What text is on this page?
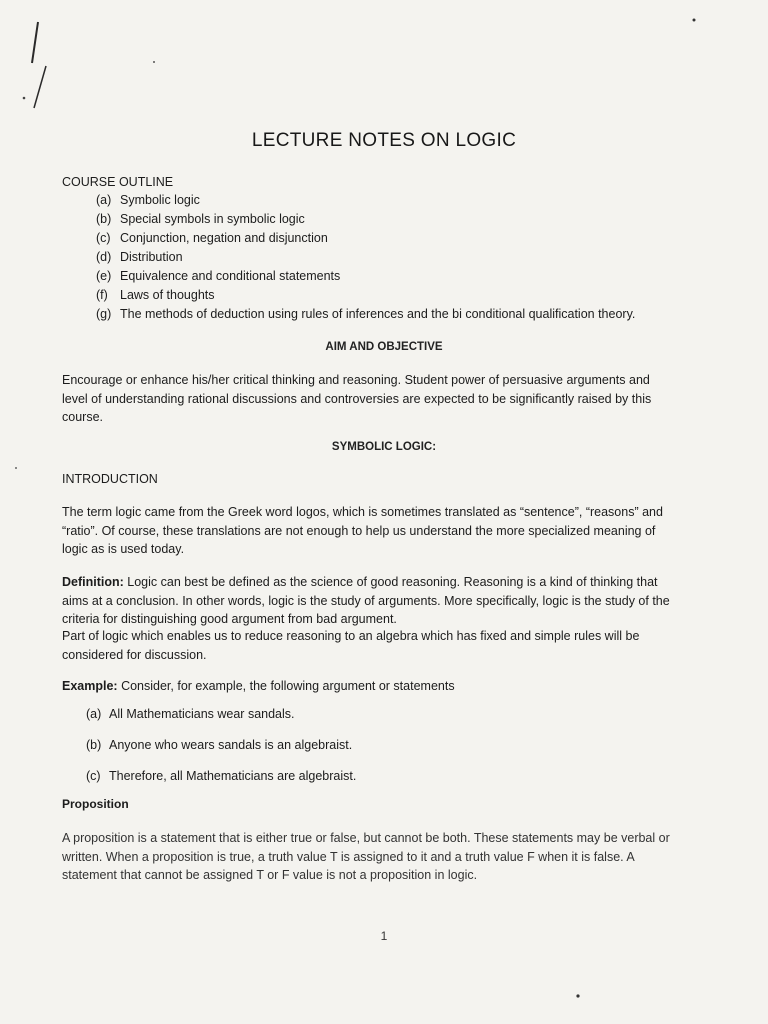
LECTURE NOTES ON LOGIC
COURSE OUTLINE
(a) Symbolic logic
(b) Special symbols in symbolic logic
(c) Conjunction, negation and disjunction
(d) Distribution
(e) Equivalence and conditional statements
(f) Laws of thoughts
(g) The methods of deduction using rules of inferences and the bi conditional qualification theory.
AIM AND OBJECTIVE

Encourage or enhance his/her critical thinking and reasoning. Student power of persuasive arguments and level of understanding rational discussions and controversies are expected to be significantly raised by this course.

SYMBOLIC LOGIC:
INTRODUCTION

The term logic came from the Greek word logos, which is sometimes translated as “sentence”, “reasons” and “ratio”. Of course, these translations are not enough to help us understand the more specialized meaning of logic as is used today.

Definition: Logic can best be defined as the science of good reasoning. Reasoning is a kind of thinking that aims at a conclusion. In other words, logic is the study of arguments. More specifically, logic is the study of the criteria for distinguishing good argument from bad argument.

Part of logic which enables us to reduce reasoning to an algebra which has fixed and simple rules will be considered for discussion.

Example: Consider, for example, the following argument or statements

(a) All Mathematicians wear sandals.
(b) Anyone who wears sandals is an algebraist.
(c) Therefore, all Mathematicians are algebraist.
Proposition

A proposition is a statement that is either true or false, but cannot be both. These statements may be verbal or written. When a proposition is true, a truth value T is assigned to it and a truth value F when it is false. A statement that cannot be assigned T or F value is not a proposition in logic.

1
